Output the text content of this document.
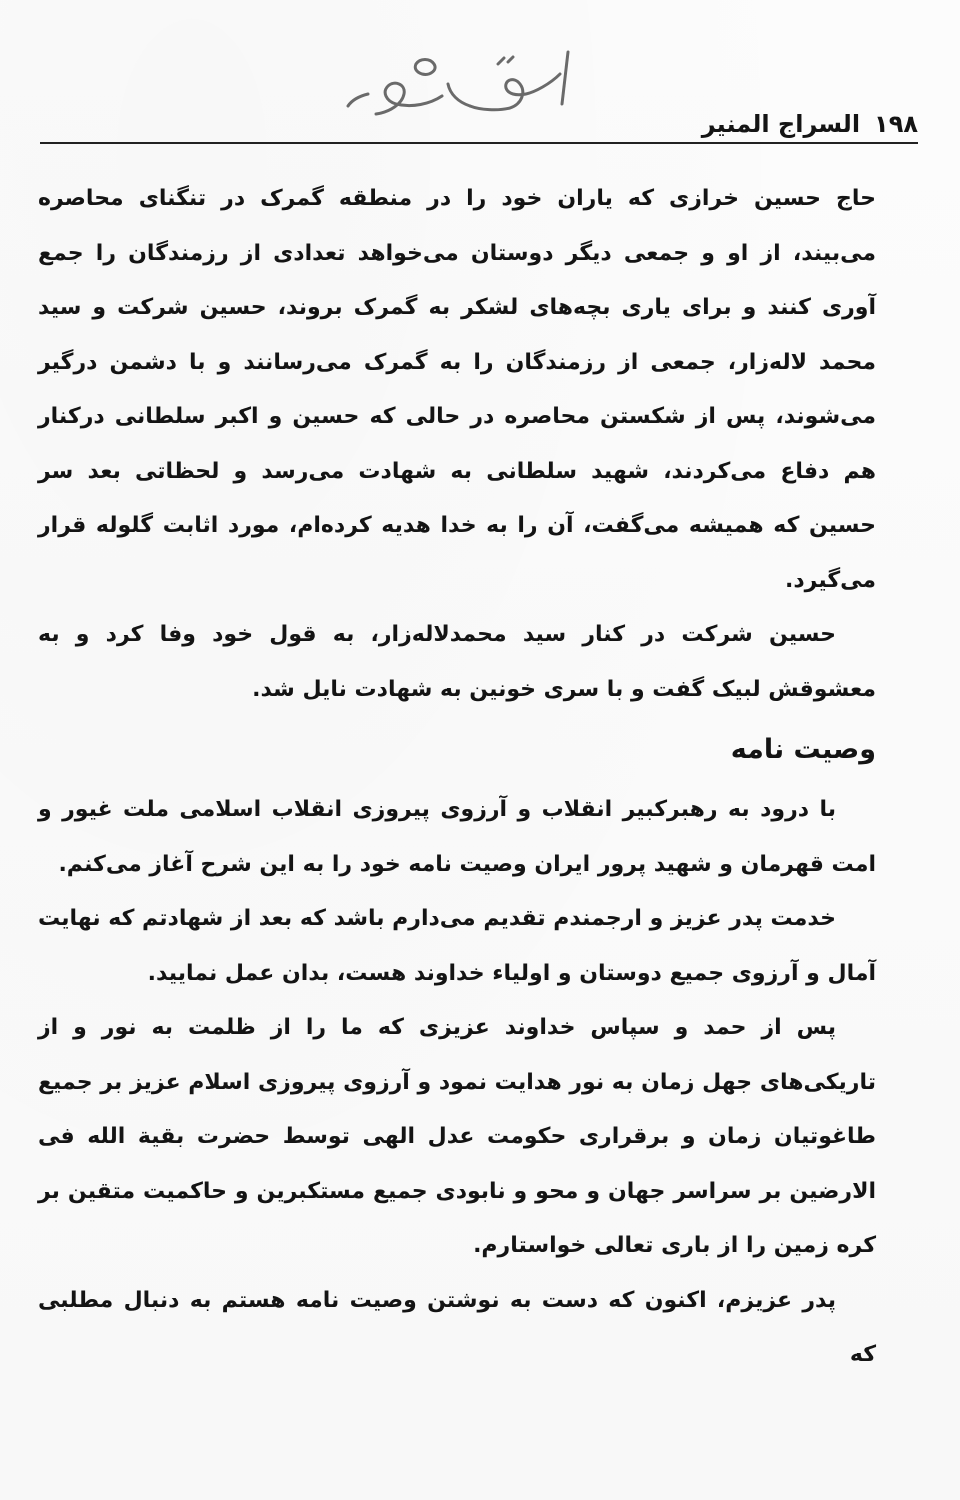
۱۹۸
السراج المنیر

حاج حسین خرازی که یاران خود را در منطقه گمرک در تنگنای محاصره می‌بیند، از او و جمعی دیگر دوستان می‌خواهد تعدادی از رزمندگان را جمع آوری کنند و برای یاری بچه‌های لشکر به گمرک بروند، حسین شرکت و سید محمد لاله‌زار، جمعی از رزمندگان را به گمرک می‌رسانند و با دشمن درگیر می‌شوند، پس از شکستن محاصره در حالی که حسین و اکبر سلطانی درکنار هم دفاع می‌کردند، شهید سلطانی به شهادت می‌رسد و لحظاتی بعد سر حسین که همیشه می‌گفت، آن را به خدا هدیه کرده‌ام، مورد اثابت گلوله قرار می‌گیرد.

حسین شرکت در کنار سید محمدلاله‌زار، به قول خود وفا کرد و به معشوقش لبیک گفت و با سری خونین به شهادت نایل شد.

وصیت نامه

با درود به رهبرکبیر انقلاب و آرزوی پیروزی انقلاب اسلامی ملت غیور و امت قهرمان و شهید پرور ایران وصیت نامه خود را به این شرح آغاز می‌کنم.

خدمت پدر عزیز و ارجمندم تقدیم می‌دارم باشد که بعد از شهادتم که نهایت آمال و آرزوی جمیع دوستان و اولیاء خداوند هست، بدان عمل نمایید.

پس از حمد و سپاس خداوند عزیزی که ما را از ظلمت به نور و از تاریکی‌های جهل زمان به نور هدایت نمود و آرزوی پیروزی اسلام عزیز بر جمیع طاغوتیان زمان و برقراری حکومت عدل الهی توسط حضرت بقیة الله فی الارضین بر سراسر جهان و محو و نابودی جمیع مستکبرین و حاکمیت متقین بر کره زمین را از باری تعالی خواستارم.

پدر عزیزم، اکنون که دست به نوشتن وصیت نامه هستم به دنبال مطلبی که
